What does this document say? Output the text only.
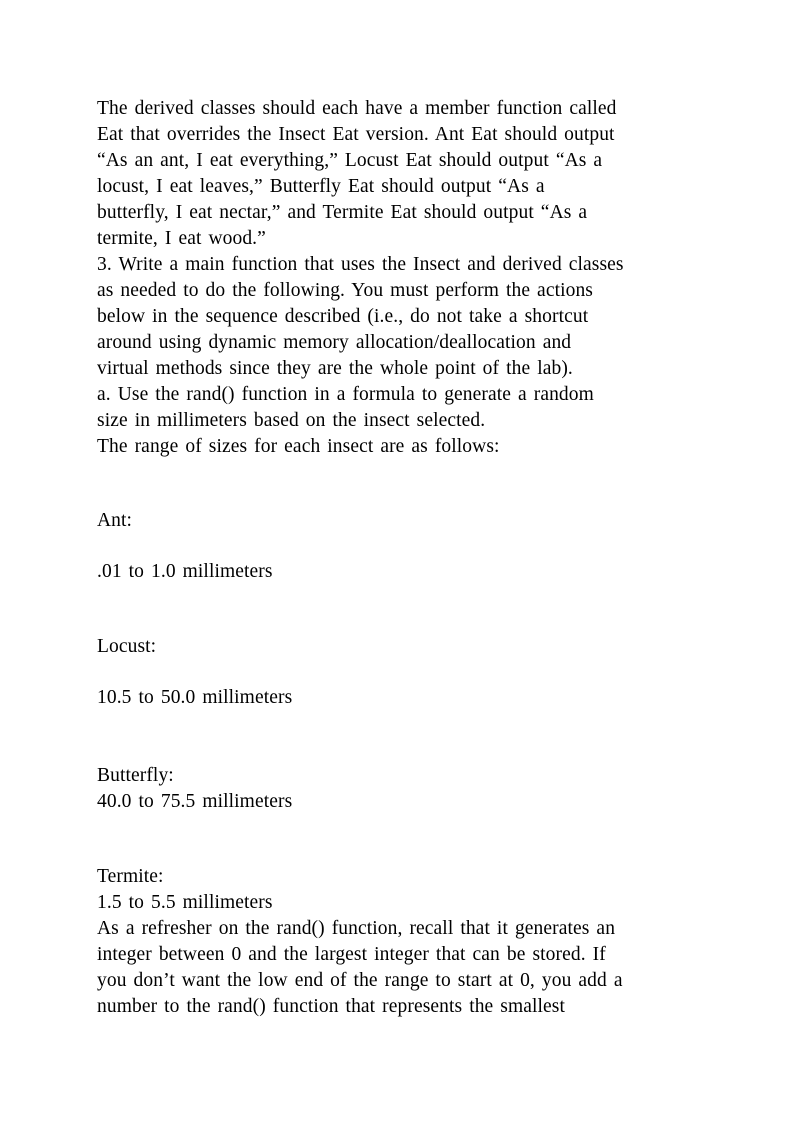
The derived classes should each have a member function called

Eat that overrides the Insect Eat version. Ant Eat should output

“As an ant, I eat everything,” Locust Eat should output “As a

locust, I eat leaves,” Butterfly Eat should output “As a

butterfly, I eat nectar,” and Termite Eat should output “As a

termite, I eat wood.”

3. Write a main function that uses the Insect and derived classes

as needed to do the following. You must perform the actions

below in the sequence described (i.e., do not take a shortcut

around using dynamic memory allocation/deallocation and

virtual methods since they are the whole point of the lab).

a. Use the rand() function in a formula to generate a random

size in millimeters based on the insect selected.

The range of sizes for each insect are as follows:

Ant:

.01 to 1.0 millimeters

Locust:

10.5 to 50.0 millimeters

Butterfly:

40.0 to 75.5 millimeters

Termite:

1.5 to 5.5 millimeters

As a refresher on the rand() function, recall that it generates an

integer between 0 and the largest integer that can be stored. If

you don’t want the low end of the range to start at 0, you add a

number to the rand() function that represents the smallest
